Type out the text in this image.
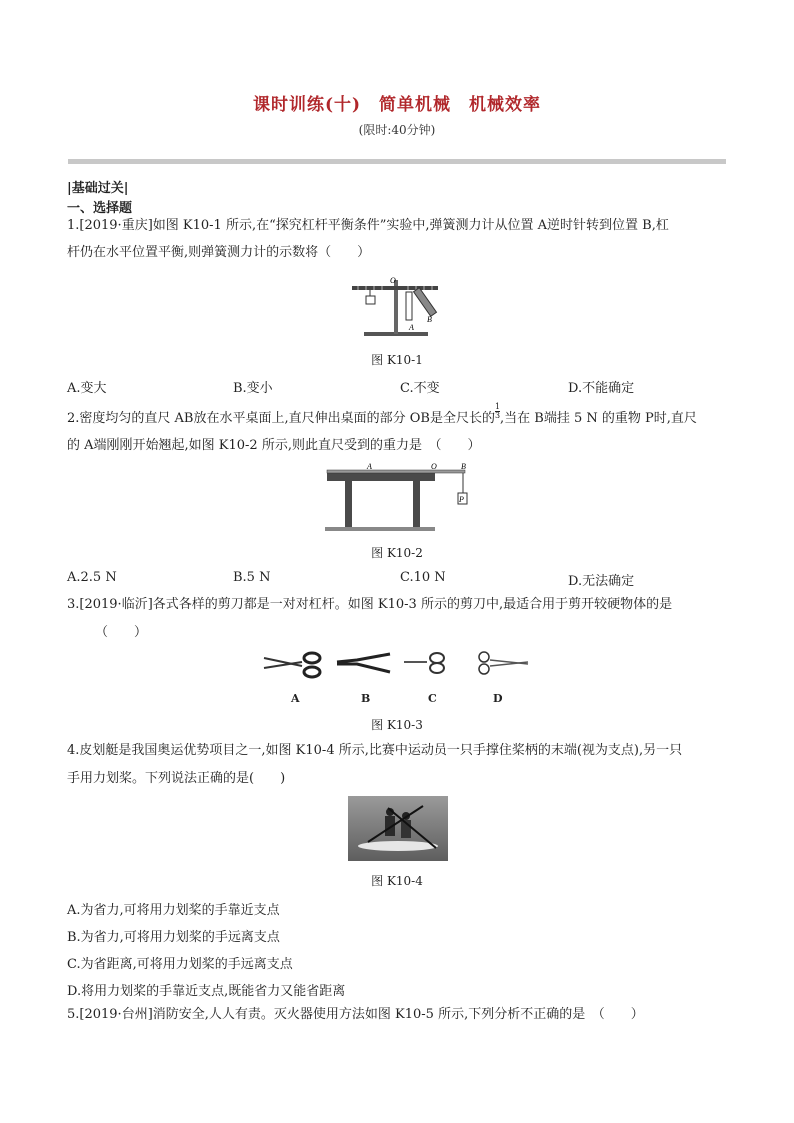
课时训练(十)　简单机械　机械效率
(限时:40分钟)
|基础过关|
一、选择题
1.[2019·重庆]如图 K10-1 所示,在“探究杠杆平衡条件”实验中,弹簧测力计从位置 A逆时针转到位置 B,杠
杆仍在水平位置平衡,则弹簧测力计的示数将（　　）
O
A
B
图 K10-1
A.变大	B.变小	C.不变	D.不能确定
2.密度均匀的直尺 AB放在水平桌面上,直尺伸出桌面的部分 OB是全尺长的 $\frac{1}{3}$ ,当在 B端挂 5 N 的重物 P时,直尺
的 A端刚刚开始翘起,如图 K10-2 所示,则此直尺受到的重力是　（　　）
A	O	B
P
图 K10-2
A.2.5 N	B.5 N	C.10 N	D.无法确定
3.[2019·临沂]各式各样的剪刀都是一对对杠杆。如图 K10-3 所示的剪刀中,最适合用于剪开较硬物体的是
（　　）
A	B	C	D
图 K10-3
4.皮划艇是我国奥运优势项目之一,如图 K10-4 所示,比赛中运动员一只手撑住桨柄的末端(视为支点),另一只
手用力划桨。下列说法正确的是(　　)
图 K10-4
A.为省力,可将用力划桨的手靠近支点
B.为省力,可将用力划桨的手远离支点
C.为省距离,可将用力划桨的手远离支点
D.将用力划桨的手靠近支点,既能省力又能省距离
5.[2019·台州]消防安全,人人有责。灭火器使用方法如图 K10-5 所示,下列分析不正确的是　（　　）
